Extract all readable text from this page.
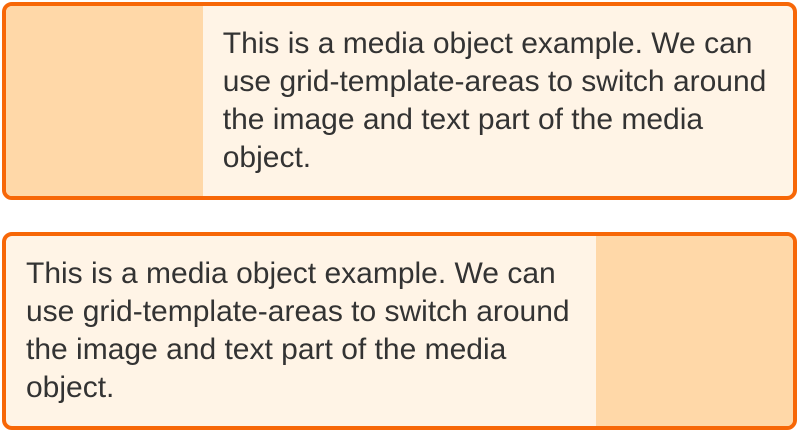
This is a media object example. We can use grid-template-areas to switch around the image and text part of the media object.
This is a media object example. We can use grid-template-areas to switch around the image and text part of the media object.
